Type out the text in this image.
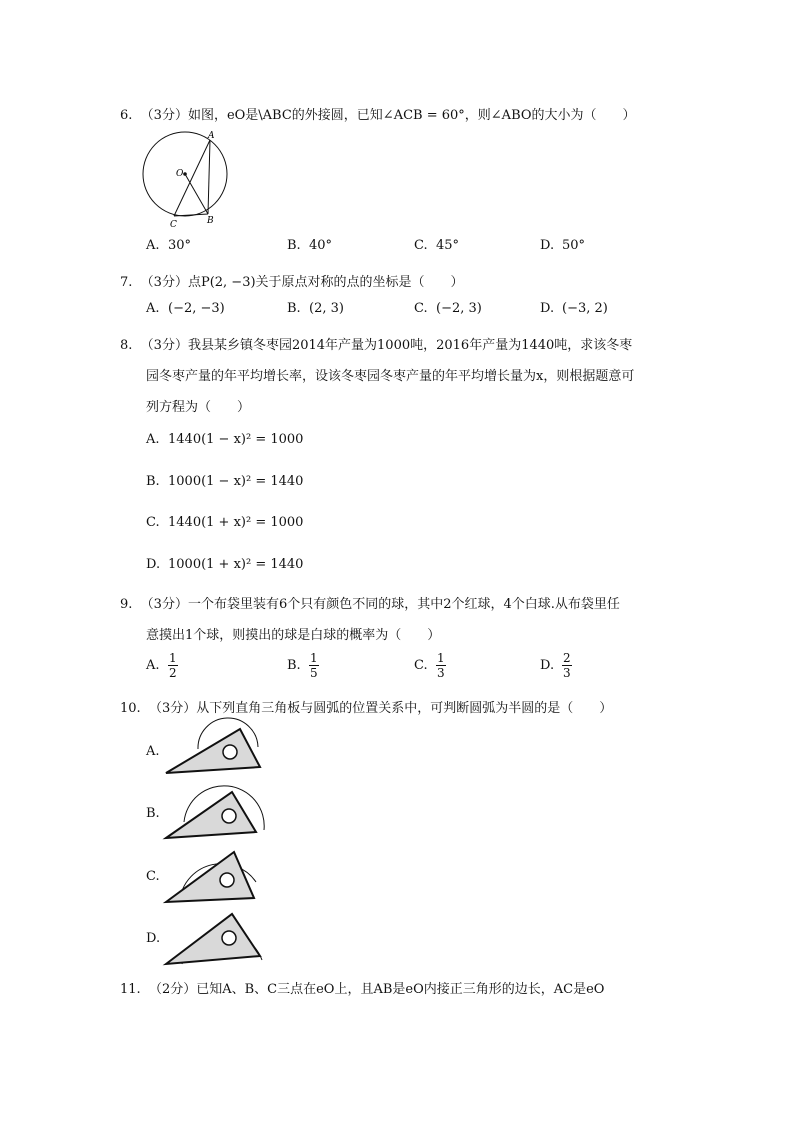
6. （3分）如图，eO是\ABC的外接圆，已知∠ACB = 60°，则∠ABO的大小为（　　）
A
O
C	B
A. 30°	B. 40°	C. 45°	D. 50°
7. （3分）点P(2, −3)关于原点对称的点的坐标是（　　）
A. (−2, −3)	B. (2, 3)	C. (−2, 3)	D. (−3, 2)
8. （3分）我县某乡镇冬枣园2014年产量为1000吨，2016年产量为1440吨，求该冬枣
园冬枣产量的年平均增长率，设该冬枣园冬枣产量的年平均增长量为x，则根据题意可
列方程为（　　）
A. 1440(1 − x)² = 1000
B. 1000(1 − x)² = 1440
C. 1440(1 + x)² = 1000
D. 1000(1 + x)² = 1440
9. （3分）一个布袋里装有6个只有颜色不同的球，其中2个红球，4个白球.从布袋里任
意摸出1个球，则摸出的球是白球的概率为（　　）
A. $\frac{1}{2}$	B. $\frac{1}{5}$	C. $\frac{1}{3}$	D. $\frac{2}{3}$
10. （3分）从下列直角三角板与圆弧的位置关系中，可判断圆弧为半圆的是（　　）
A.
B.
C.
D.
11. （2分）已知A、B、C三点在eO上，且AB是eO内接正三角形的边长，AC是eO
